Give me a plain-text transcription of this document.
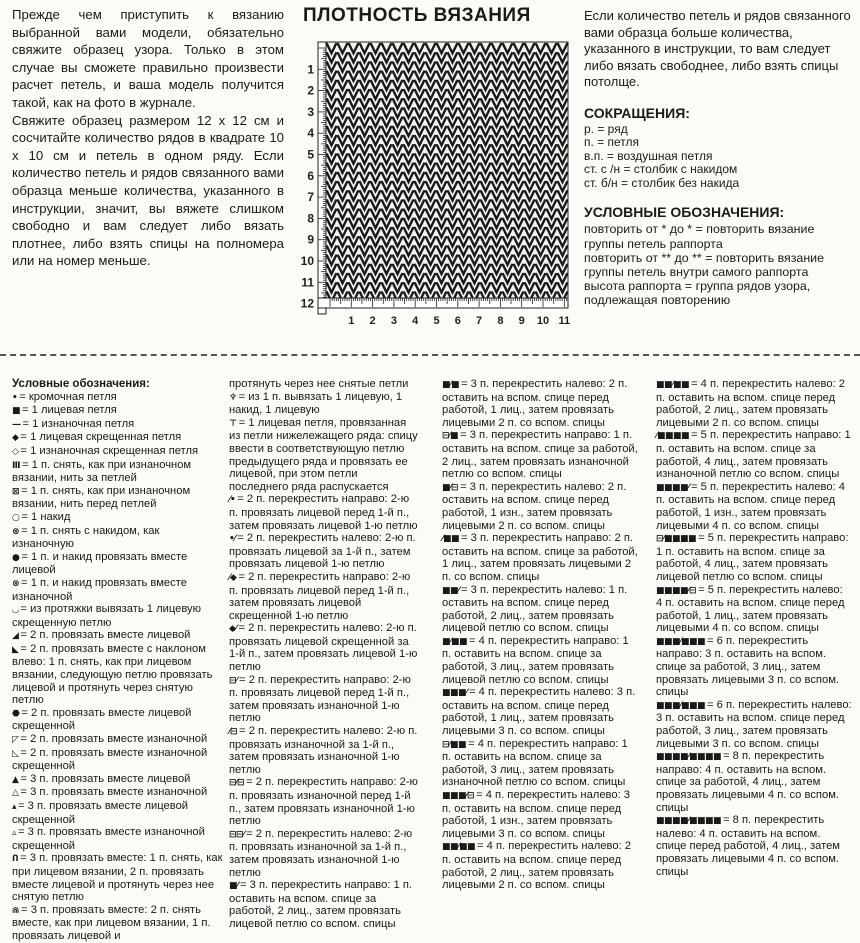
Прежде чем приступить к вязанию выбранной вами модели, обязательно свяжите образец узора. Только в этом случае вы сможете правильно произвести расчет петель, и ваша модель получится такой, как на фото в журнале.

Свяжите образец размером 12 х 12 см и сосчитайте количество рядов в квадрате 10 х 10 см и петель в одном ряду. Если количество петель и рядов связанного вами образца меньше количества, указанного в инструкции, значит, вы вяжете слишком свободно и вам следует либо вязать плотнее, либо взять спицы на полномера или на номер меньше.

ПЛОТНОСТЬ ВЯЗАНИЯ
1
2
3
4
5
6
7
8
9
10
11
12
1 2 3 4 5 6 7 8 9 10 11

Если количество петель и рядов связанного вами образца больше количества, указанного в инструкции, то вам следует либо вязать свободнее, либо взять спицы потолще.

СОКРАЩЕНИЯ:
р. = ряд
п. = петля
в.п. = воздушная петля
ст. с /н = столбик с накидом
ст. б/н = столбик без накида
УСЛОВНЫЕ ОБОЗНАЧЕНИЯ:

повторить от * до * = повторить вязание группы петель раппорта

повторить от ** до ** = повторить вязание группы петель внутри самого раппорта

высота раппорта = группа рядов узора, подлежащая повторению

Условные обозначения:
• = кромочная петля
■ = 1 лицевая петля
— = 1 изнаночная петля
◆ = 1 лицевая скрещенная петля
◇ = 1 изнаночная скрещенная петля
Ⅲ = 1 п. снять, как при изнаночном вязании, нить за петлей
⊠ = 1 п. снять, как при изнаночном вязании, нить перед петлей
○ = 1 накид
⊗ = 1 п. снять с накидом, как изнаночную
● = 1 п. и накид провязать вместе лицевой
⊗ = 1 п. и накид провязать вместе изнаночной
◡ = из протяжки вывязать 1 лицевую скрещенную петлю
◢ = 2 п. провязать вместе лицевой
◣ = 2 п. провязать вместе с наклоном влево: 1 п. снять, как при лицевом вязании, следующую петлю провязать лицевой и протянуть через снятую петлю
⬣ = 2 п. провязать вместе лицевой скрещенной
◸ = 2 п. провязать вместе изнаночной
◺ = 2 п. провязать вместе изнаночной скрещенной
▲ = 3 п. провязать вместе лицевой
△ = 3 п. провязать вместе изнаночной
▴ = 3 п. провязать вместе лицевой скрещенной
▵ = 3 п. провязать вместе изнаночной скрещенной
Ո = 3 п. провязать вместе: 1 п. снять, как при лицевом вязании, 2 п. провязать вместе лицевой и протянуть через нее снятую петлю
⋒ = 3 п. провязать вместе: 2 п. снять вместе, как при лицевом вязании, 1 п. провязать лицевой и
протянуть через нее снятые петли
♆ = из 1 п. вывязать 1 лицевую, 1 накид, 1 лицевую
⊤ = 1 лицевая петля, провязанная из петли нижележащего ряда: спицу ввести в соответствующую петлю предыдущего ряда и провязать ее лицевой, при этом петли последнего ряда распускается
⁄• = 2 п. перекрестить направо: 2-ю п. провязать лицевой перед 1-й п., затем провязать лицевой 1-ю петлю
•⁄ = 2 п. перекрестить налево: 2-ю п. провязать лицевой за 1-й п., затем провязать лицевой 1-ю петлю
⁄◆ = 2 п. перекрестить направо: 2-ю п. провязать лицевой перед 1-й п., затем провязать лицевой скрещенной 1-ю петлю
◆⁄ = 2 п. перекрестить налево: 2-ю п. провязать лицевой скрещенной за 1-й п., затем провязать лицевой 1-ю петлю
⊟⁄ = 2 п. перекрестить направо: 2-ю п. провязать лицевой перед 1-й п., затем провязать изнаночной 1-ю петлю
⁄⊟ = 2 п. перекрестить налево: 2-ю п. провязать изнаночной за 1-й п., затем провязать изнаночной 1-ю петлю
⊟⁄⊟ = 2 п. перекрестить направо: 2-ю п. провязать изнаночной перед 1-й п., затем провязать изнаночной 1-ю петлю
⊟⊟⁄ = 2 п. перекрестить налево: 2-ю п. провязать изнаночной за 1-й п., затем провязать изнаночной 1-ю петлю
■⁄ = 3 п. перекрестить направо: 1 п. оставить на вспом. спице за работой, 2 лиц., затем провязать лицевой петлю со вспом. спицы
■⁄■ = 3 п. перекрестить налево: 2 п. оставить на вспом. спице перед работой, 1 лиц., затем провязать лицевыми 2 п. со вспом. спицы
⊟⁄■ = 3 п. перекрестить направо: 1 п. оставить на вспом. спице за работой, 2 лиц., затем провязать изнаночной петлю со вспом. спицы
■⁄⊟ = 3 п. перекрестить налево: 2 п. оставить на вспом. спице перед работой, 1 изн., затем провязать лицевыми 2 п. со вспом. спицы
⁄■■ = 3 п. перекрестить направо: 2 п. оставить на вспом. спице за работой, 1 лиц., затем провязать лицевыми 2 п. со вспом. спицы
■■⁄ = 3 п. перекрестить налево: 1 п. оставить на вспом. спице перед работой, 2 лиц., затем провязать лицевой петлю со вспом. спицы
■⁄■■ = 4 п. перекрестить направо: 1 п. оставить на вспом. спице за работой, 3 лиц., затем провязать лицевой петлю со вспом. спицы
■■■⁄ = 4 п. перекрестить налево: 3 п. оставить на вспом. спице перед работой, 1 лиц., затем провязать лицевыми 3 п. со вспом. спицы
⊟⁄■■ = 4 п. перекрестить направо: 1 п. оставить на вспом. спице за работой, 3 лиц., затем провязать изнаночной петлю со вспом. спицы
■■■⁄⊟ = 4 п. перекрестить налево: 3 п. оставить на вспом. спице перед работой, 1 изн., затем провязать лицевыми 3 п. со вспом. спицы
■■⁄■■ = 4 п. перекрестить налево: 2 п. оставить на вспом. спице перед работой, 2 лиц., затем провязать лицевыми 2 п. со вспом. спицы
■■⁄■■ = 4 п. перекрестить налево: 2 п. оставить на вспом. спице перед работой, 2 лиц., затем провязать лицевыми 2 п. со вспом. спицы
⁄■■■■ = 5 п. перекрестить направо: 1 п. оставить на вспом. спице за работой, 4 лиц., затем провязать изнаночной петлю со вспом. спицы
■■■■⁄ = 5 п. перекрестить налево: 4 п. оставить на вспом. спице перед работой, 1 изн., затем провязать лицевыми 4 п. со вспом. спицы
⊟⁄■■■■ = 5 п. перекрестить направо: 1 п. оставить на вспом. спице за работой, 4 лиц., затем провязать лицевой петлю со вспом. спицы
■■■■⁄⊟ = 5 п. перекрестить налево: 4 п. оставить на вспом. спице перед работой, 1 лиц., затем провязать лицевыми 4 п. со вспом. спицы
■■■⁄■■■ = 6 п. перекрестить направо: 3 п. оставить на вспом. спице за работой, 3 лиц., затем провязать лицевыми 3 п. со вспом. спицы
■■■⁄■■■ = 6 п. перекрестить налево: 3 п. оставить на вспом. спице перед работой, 3 лиц., затем провязать лицевыми 3 п. со вспом. спицы
■■■■⁄■■■■ = 8 п. перекрестить направо: 4 п. оставить на вспом. спице за работой, 4 лиц., затем провязать лицевыми 4 п. со вспом. спицы
■■■■⁄■■■■ = 8 п. перекрестить налево: 4 п. оставить на вспом. спице перед работой, 4 лиц., затем провязать лицевыми 4 п. со вспом. спицы
